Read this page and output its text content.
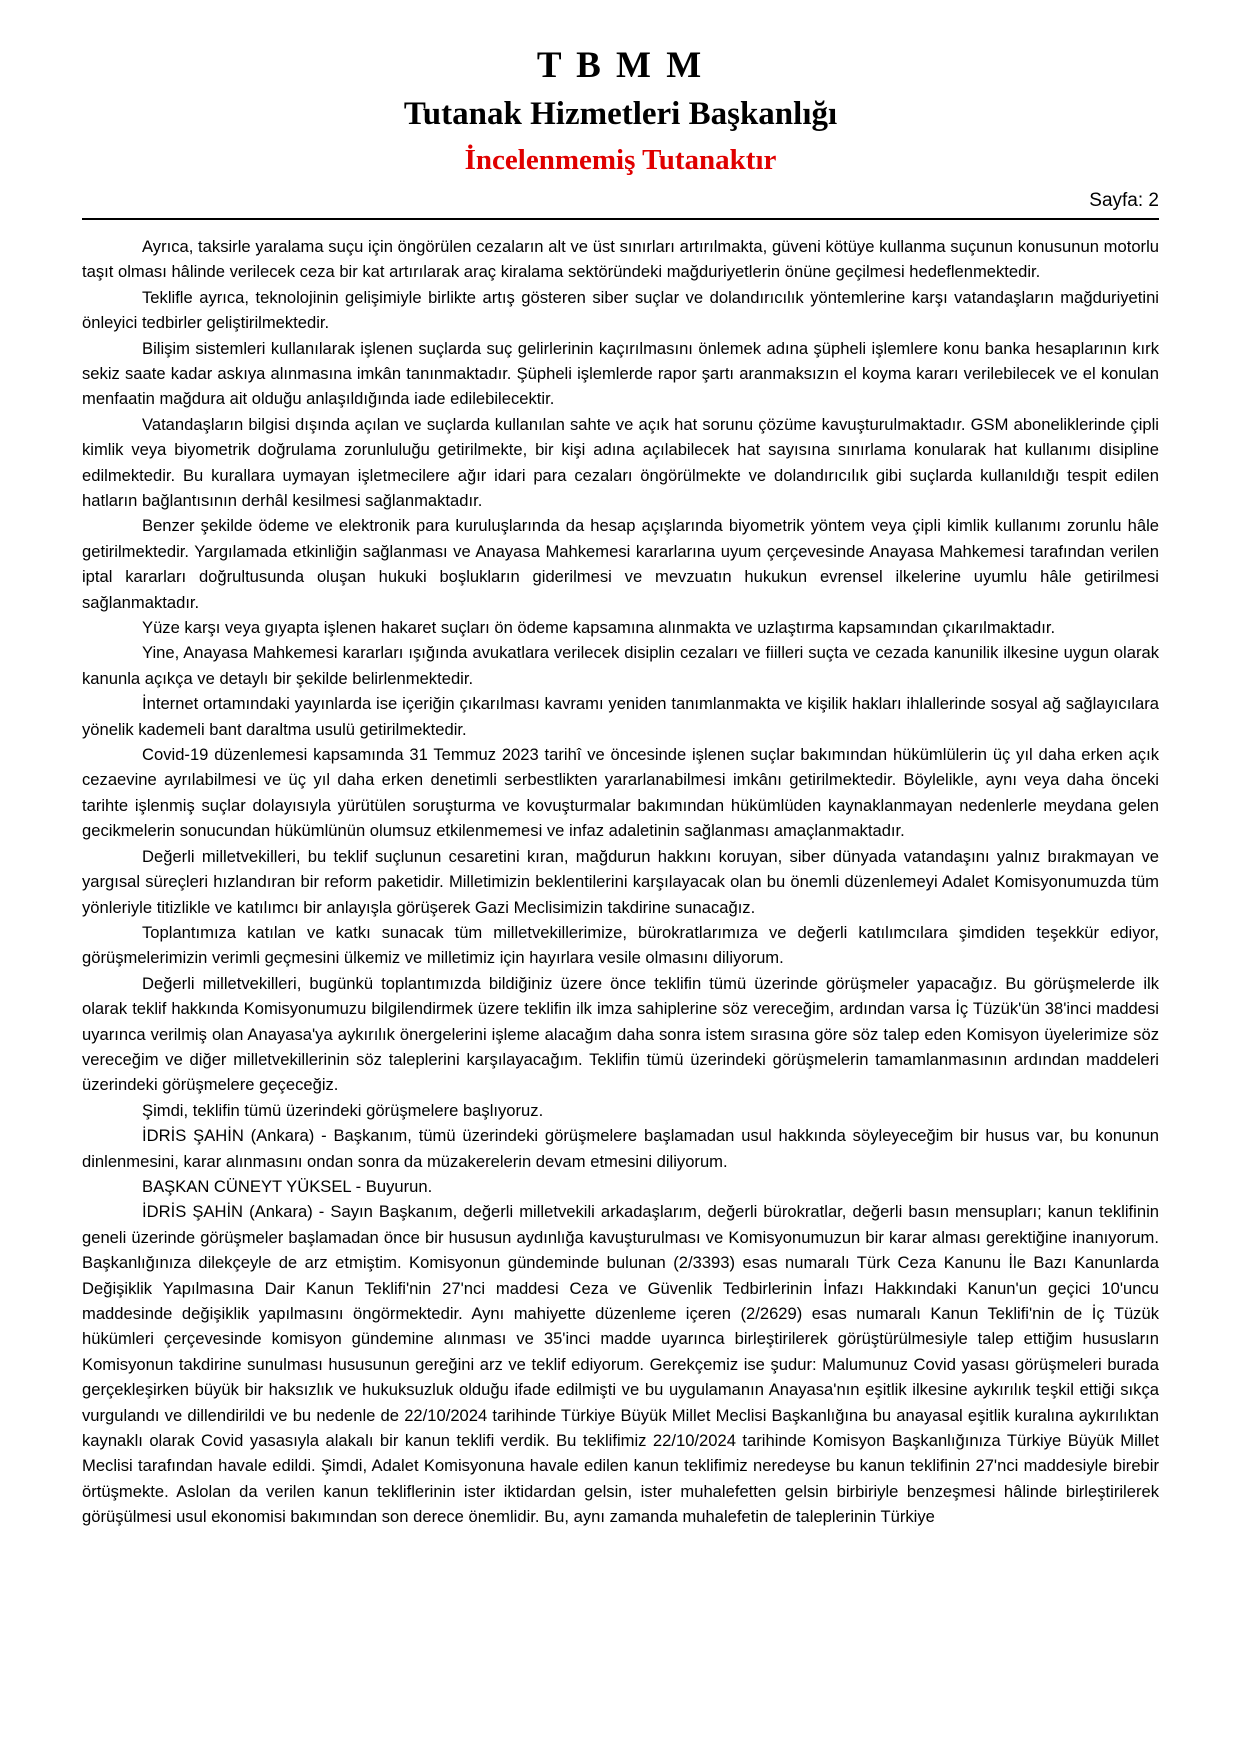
T B M M
Tutanak Hizmetleri Başkanlığı
İncelenmemiş Tutanaktır
Sayfa: 2

Ayrıca, taksirle yaralama suçu için öngörülen cezaların alt ve üst sınırları artırılmakta, güveni kötüye kullanma suçunun konusunun motorlu taşıt olması hâlinde verilecek ceza bir kat artırılarak araç kiralama sektöründeki mağduriyetlerin önüne geçilmesi hedeflenmektedir.

Teklifle ayrıca, teknolojinin gelişimiyle birlikte artış gösteren siber suçlar ve dolandırıcılık yöntemlerine karşı vatandaşların mağduriyetini önleyici tedbirler geliştirilmektedir.

Bilişim sistemleri kullanılarak işlenen suçlarda suç gelirlerinin kaçırılmasını önlemek adına şüpheli işlemlere konu banka hesaplarının kırk sekiz saate kadar askıya alınmasına imkân tanınmaktadır. Şüpheli işlemlerde rapor şartı aranmaksızın el koyma kararı verilebilecek ve el konulan menfaatin mağdura ait olduğu anlaşıldığında iade edilebilecektir.

Vatandaşların bilgisi dışında açılan ve suçlarda kullanılan sahte ve açık hat sorunu çözüme kavuşturulmaktadır. GSM aboneliklerinde çipli kimlik veya biyometrik doğrulama zorunluluğu getirilmekte, bir kişi adına açılabilecek hat sayısına sınırlama konularak hat kullanımı disipline edilmektedir. Bu kurallara uymayan işletmecilere ağır idari para cezaları öngörülmekte ve dolandırıcılık gibi suçlarda kullanıldığı tespit edilen hatların bağlantısının derhâl kesilmesi sağlanmaktadır.

Benzer şekilde ödeme ve elektronik para kuruluşlarında da hesap açışlarında biyometrik yöntem veya çipli kimlik kullanımı zorunlu hâle getirilmektedir. Yargılamada etkinliğin sağlanması ve Anayasa Mahkemesi kararlarına uyum çerçevesinde Anayasa Mahkemesi tarafından verilen iptal kararları doğrultusunda oluşan hukuki boşlukların giderilmesi ve mevzuatın hukukun evrensel ilkelerine uyumlu hâle getirilmesi sağlanmaktadır.

Yüze karşı veya gıyapta işlenen hakaret suçları ön ödeme kapsamına alınmakta ve uzlaştırma kapsamından çıkarılmaktadır.

Yine, Anayasa Mahkemesi kararları ışığında avukatlara verilecek disiplin cezaları ve fiilleri suçta ve cezada kanunilik ilkesine uygun olarak kanunla açıkça ve detaylı bir şekilde belirlenmektedir.

İnternet ortamındaki yayınlarda ise içeriğin çıkarılması kavramı yeniden tanımlanmakta ve kişilik hakları ihlallerinde sosyal ağ sağlayıcılara yönelik kademeli bant daraltma usulü getirilmektedir.

Covid-19 düzenlemesi kapsamında 31 Temmuz 2023 tarihî ve öncesinde işlenen suçlar bakımından hükümlülerin üç yıl daha erken açık cezaevine ayrılabilmesi ve üç yıl daha erken denetimli serbestlikten yararlanabilmesi imkânı getirilmektedir. Böylelikle, aynı veya daha önceki tarihte işlenmiş suçlar dolayısıyla yürütülen soruşturma ve kovuşturmalar bakımından hükümlüden kaynaklanmayan nedenlerle meydana gelen gecikmelerin sonucundan hükümlünün olumsuz etkilenmemesi ve infaz adaletinin sağlanması amaçlanmaktadır.

Değerli milletvekilleri, bu teklif suçlunun cesaretini kıran, mağdurun hakkını koruyan, siber dünyada vatandaşını yalnız bırakmayan ve yargısal süreçleri hızlandıran bir reform paketidir. Milletimizin beklentilerini karşılayacak olan bu önemli düzenlemeyi Adalet Komisyonumuzda tüm yönleriyle titizlikle ve katılımcı bir anlayışla görüşerek Gazi Meclisimizin takdirine sunacağız.

Toplantımıza katılan ve katkı sunacak tüm milletvekillerimize, bürokratlarımıza ve değerli katılımcılara şimdiden teşekkür ediyor, görüşmelerimizin verimli geçmesini ülkemiz ve milletimiz için hayırlara vesile olmasını diliyorum.

Değerli milletvekilleri, bugünkü toplantımızda bildiğiniz üzere önce teklifin tümü üzerinde görüşmeler yapacağız. Bu görüşmelerde ilk olarak teklif hakkında Komisyonumuzu bilgilendirmek üzere teklifin ilk imza sahiplerine söz vereceğim, ardından varsa İç Tüzük'ün 38'inci maddesi uyarınca verilmiş olan Anayasa'ya aykırılık önergelerini işleme alacağım daha sonra istem sırasına göre söz talep eden Komisyon üyelerimize söz vereceğim ve diğer milletvekillerinin söz taleplerini karşılayacağım. Teklifin tümü üzerindeki görüşmelerin tamamlanmasının ardından maddeleri üzerindeki görüşmelere geçeceğiz.

Şimdi, teklifin tümü üzerindeki görüşmelere başlıyoruz.

İDRİS ŞAHİN (Ankara) - Başkanım, tümü üzerindeki görüşmelere başlamadan usul hakkında söyleyeceğim bir husus var, bu konunun dinlenmesini, karar alınmasını ondan sonra da müzakerelerin devam etmesini diliyorum.

BAŞKAN CÜNEYT YÜKSEL - Buyurun.

İDRİS ŞAHİN (Ankara) - Sayın Başkanım, değerli milletvekili arkadaşlarım, değerli bürokratlar, değerli basın mensupları; kanun teklifinin geneli üzerinde görüşmeler başlamadan önce bir hususun aydınlığa kavuşturulması ve Komisyonumuzun bir karar alması gerektiğine inanıyorum. Başkanlığınıza dilekçeyle de arz etmiştim. Komisyonun gündeminde bulunan (2/3393) esas numaralı Türk Ceza Kanunu İle Bazı Kanunlarda Değişiklik Yapılmasına Dair Kanun Teklifi'nin 27'nci maddesi Ceza ve Güvenlik Tedbirlerinin İnfazı Hakkındaki Kanun'un geçici 10'uncu maddesinde değişiklik yapılmasını öngörmektedir. Aynı mahiyette düzenleme içeren (2/2629) esas numaralı Kanun Teklifi'nin de İç Tüzük hükümleri çerçevesinde komisyon gündemine alınması ve 35'inci madde uyarınca birleştirilerek görüştürülmesiyle talep ettiğim hususların Komisyonun takdirine sunulması hususunun gereğini arz ve teklif ediyorum. Gerekçemiz ise şudur: Malumunuz Covid yasası görüşmeleri burada gerçekleşirken büyük bir haksızlık ve hukuksuzluk olduğu ifade edilmişti ve bu uygulamanın Anayasa'nın eşitlik ilkesine aykırılık teşkil ettiği sıkça vurgulandı ve dillendirildi ve bu nedenle de 22/10/2024 tarihinde Türkiye Büyük Millet Meclisi Başkanlığına bu anayasal eşitlik kuralına aykırılıktan kaynaklı olarak Covid yasasıyla alakalı bir kanun teklifi verdik. Bu teklifimiz 22/10/2024 tarihinde Komisyon Başkanlığınıza Türkiye Büyük Millet Meclisi tarafından havale edildi. Şimdi, Adalet Komisyonuna havale edilen kanun teklifimiz neredeyse bu kanun teklifinin 27'nci maddesiyle birebir örtüşmekte. Aslolan da verilen kanun tekliflerinin ister iktidardan gelsin, ister muhalefetten gelsin birbiriyle benzeşmesi hâlinde birleştirilerek görüşülmesi usul ekonomisi bakımından son derece önemlidir. Bu, aynı zamanda muhalefetin de taleplerinin Türkiye
